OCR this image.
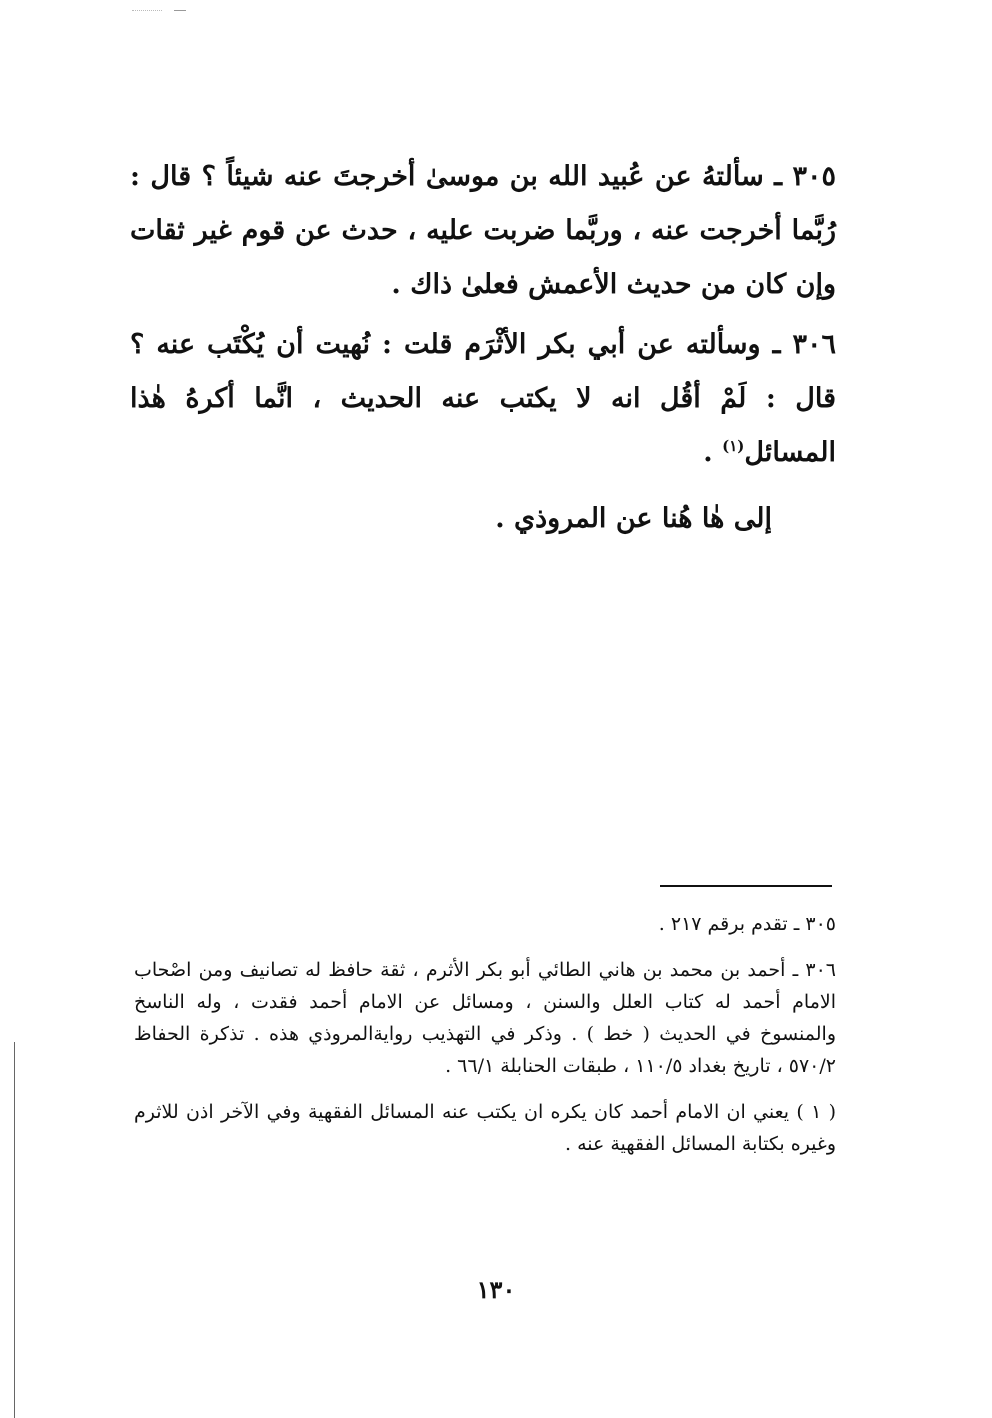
٣٠٥ ـ سألتهُ عن عُبيد الله بن موسىٰ أخرجتَ عنه شيئاً ؟ قال : رُبَّما أخرجت عنه ، وربَّما ضربت عليه ، حدث عن قوم غير ثقات وإن كان من حديث الأعمش فعلىٰ ذاك .

٣٠٦ ـ وسألته عن أبي بكر الأثْرَم قلت : نُهيت أن يُكْتَب عنه ؟ قال : لَمْ أقُل انه لا يكتب عنه الحديث ، انَّما أكرهُ هٰذا المسائل$^{(١)}$ .

إلى هٰا هُنا عن المروذي .

٣٠٥ ـ تقدم برقم ٢١٧ .

٣٠٦ ـ أحمد بن محمد بن هاني الطائي أبو بكر الأثرم ، ثقة حافظ له تصانيف ومن اصْحاب الامام أحمد له كتاب العلل والسنن ، ومسائل عن الامام أحمد فقدت ، وله الناسخ والمنسوخ في الحديث ( خط ) . وذكر في التهذيب روايةالمروذي هذه . تذكرة الحفاظ ٥٧٠/٢ ، تاريخ بغداد ١١٠/٥ ، طبقات الحنابلة ٦٦/١ .

( ١ ) يعني ان الامام أحمد كان يكره ان يكتب عنه المسائل الفقهية وفي الآخر اذن للاثرم وغيره بكتابة المسائل الفقهية عنه .

١٣٠
